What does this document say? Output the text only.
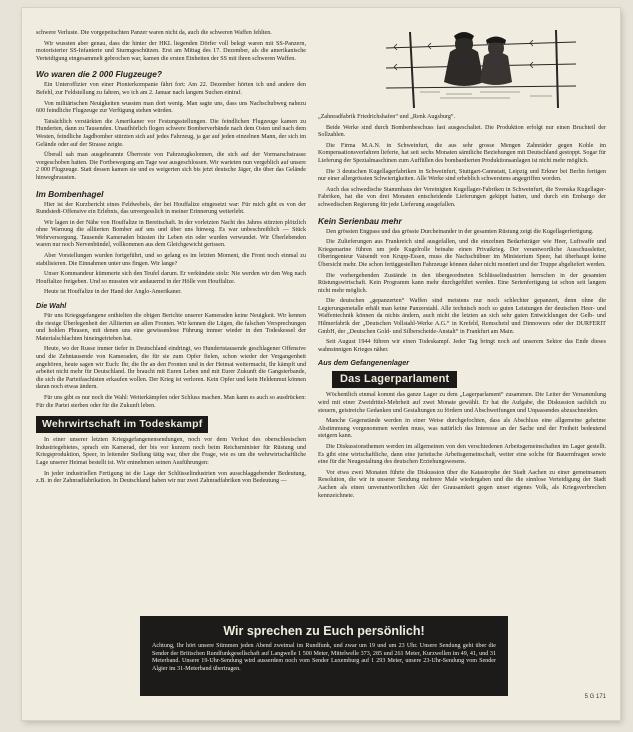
schwere Verluste. Die vorgepeitschten Panzer waren nicht da, auch die schweren Waffen fehlten.

Wir wussten aber genau, dass die hinter der HKL liegenden Dörfer voll belegt waren mit SS-Panzern, motorisierter SS-Infanterie und Sturmgeschützen. Erst am Mittag des 17. Dezember, als die amerikanische Verteidigung eingesammelt gebrochen war, kamen die ersten Einheiten der SS mit ihren schweren Waffen.

Wo waren die 2 000 Flugzeuge?

Ein Unteroffizier von einer Pionierkompanie fährt fort: Am 22. Dezember hörten ich und andere den Befehl, zur Feldstellung zu fahren, wo ich am 2. Januar nach langem Suchen eintraf.

Von militärischen Neuigkeiten wussten man dort wenig. Man sagte uns, dass uns Nachschubweg nahezu 600 feindliche Flugzeuge zur Verfügung stehen würden.

Tatsächlich verstärkten die Amerikaner vor Festungsstellungen. Die feindlichen Flugzeuge kamen zu Hunderten, dann zu Tausenden. Unaufhörlich flogen schwere Bomberverbände nach dem Osten und nach dem Westen, feindliche Jagdbomber stürzten sich auf jedes Fahrzeug, ja gar auf jeden einzelnen Mann, der sich im Gelände oder auf der Strasse zeigte.

Überall sah man ausgebrannte Überreste von Fahrzeugkolonnen, die sich auf der Vormarschstrasse vorgeschoben hatten. Die Fortbewegung am Tage war ausgeschlossen. Wir warteten nun vergeblich auf unsere 2 000 Flugzeuge. Statt dessen kamen sie und es weigerten sich bis jetzt deutsche Jäger, die über das Gelände hinwegbrausten.

Im Bombenhagel

Hier ist der Kurzbericht eines Feldwebels, der bei Houffalize eingesetzt war: Für mich gibt es von der Rundstedt-Offensive ein Erlebnis, das unvergesslich in meiner Erinnerung weiterlebt.

Wir lagen in der Nähe von Houffalize in Bereitschaft. In der vorletzten Nacht des Jahres stürzten plötzlich ohne Warnung die alliierten Bomber auf uns und über uns hinweg. Es war unbeschreiblich — Stück Wehrversorgung. Tausende Kameraden büssten ihr Leben ein oder wurden verwundet. Wir Überlebenden waren nur noch Nervenbündel, vollkommen aus dem Gleichgewicht gerissen.

Aber Vorstellungen wurden fortgeführt, und so gelang es im letzten Moment, die Front noch einmal zu stabilisieren. Die Einnahmen unter uns fingen. Wir lange?

Unser Kommandeur kümmerte sich den Teufel darum. Er verkündete stolz: Nie werden wir den Weg nach Houffalize freigeben. Und so mussten wir andauernd in der Hölle von Houffalize.

Heute ist Houffalize in der Hand der Anglo-Amerikaner.

Die Wahl

Für uns Kriegsgefangene enthielten die obigen Berichte unserer Kameraden keine Neuigkeit. Wir kennen die riesige Überlegenheit der Alliierten an allen Fronten. Wir kennen die Lügen, die falschen Versprechungen und hohlen Phrasen, mit denen uns eine gewissenlose Führung immer wieder in den Todeskessel der Materialschlachten hineingetrieben hat.

Heute, wo der Russe immer tiefer in Deutschland eindringt, wo Hundertstausende geschlagener Offensive und die Zehntausende von Kameraden, die für sie zum Opfer fielen, schon wieder der Vergangenheit angehören, heute sagen wir Euch: Ihr, die Ihr an den Fronten und in der Heimat weitermacht, Ihr kämpft und arbeitet nicht mehr für Deutschland. Ihr braucht mit Euren Leben und mit Eurer Zukunft die Gangsterbande, die sich die Parteifaschisten erkaufen wollen. Der Krieg ist verloren. Kein Opfer und kein Heldenmut können daran noch etwas ändern.

Für uns gibt es nur noch die Wahl: Weiterkämpfen oder Schluss machen. Man kann es auch so ausdrücken: Für die Partei sterben oder für die Zukunft leben.

Wehrwirtschaft im Todeskampf

In einer unserer letzten Kriegsgefangenensendungen, noch vor dem Verlust des oberschlesischen Industriegebietes, sprach ein Kamerad, der bis vor kurzem noch beim Reichsminister für Rüstung und Kriegsproduktion, Speer, in leitender Stellung tätig war, über die Frage, wie es um die wehrwirtschaftliche Lage unserer Heimat bestellt ist. Wir entnehmen seinen Ausführungen:

In jeder industriellen Fertigung ist die Lage der Schlüsselindustrien von ausschlaggebender Bedeutung, z.B. in der Zahnradfabrikation. In Deutschland haben wir nur zwei Zahnradfabriken von Bedeutung —

„Zahnradfabrik Friedrichshafen“ und „Renk Augsburg“.

Beide Werke sind durch Bombenbeschuss fast ausgeschaltet. Die Produktion erfolgt nur einen Bruchteil der Sollzahlen.

Die Firma M.A.N. in Schweinfurt, die aus sehr grosse Mengen Zahnräder gegen Kohle im Kompensationsverfahren lieferte, hat seit sechs Monaten sämtliche Beziehungen mit Deutschland gestoppt. Sogar für Lieferung der Spezialmaschinen zum Auffüllen des bombardierten Produktionsanlagen ist nicht mehr möglich.

Die 3 deutschen Kugellagerfabriken in Schweinfurt, Stuttgart-Cannstatt, Leipzig und Erkner bei Berlin fertigen nur einer allergrössten Schwierigkeiten. Alle Werke sind erheblich schwerstens angegriffen worden.

Auch das schwedische Stammhaus der Vereinigten Kugellager-Fabriken in Schweinfurt, die Svenska Kugellager-Fabriken, hat die von drei Monaten entscheidende Lieferungen gekippt hatten, und durch ein Embargo der schwedischen Regierung für jede Lieferung ausgefallen.

Kein Serienbau mehr

Den grössten Engpass und das grösste Durcheinander in der gesamten Rüstung zeigt die Kugellagerfertigung.

Die Zulieferungen aus Frankreich sind ausgefallen, und die einzelnen Bedarfsträger wie Heer, Luftwaffe und Kriegsmarine führen um jede Kugelrolle beinahe einen Privatkrieg. Der verantwortliche Ausschussleiter, Oberingenieur Vaisendt von Krupp-Essen, muss die Nachschübner im Ministerium Speer, hat überhaupt keine Übersicht mehr. Die schon fertiggestellten Fahrzeuge können daher nicht montiert und der Truppe abgeliefert werden.

Die vorhergehenden Zustände in den übergeordneten Schlüsselindustrien herrschen in der gesamten Rüstungswirtschaft. Kein Programm kann mehr durchgeführt werden. Eine Serienfertigung ist schon seit langem nicht mehr möglich.

Die deutschen „gepanzerten“ Waffen sind meistens nur noch schlechter gepanzert, denn ohne die Legierungsmetalle erhält man keine Panzerstahl. Alle technisch noch so guten Leistungen der deutschen Heer- und Waffentechnik können da nichts ändern, auch nicht die letzten an sich sehr guten Entwicklungen der Gelb- und Hilmerfabrik der „Deutschen Vollstahl-Werke A.G.“ in Krefeld, Remscheid und Dinnowurs oder der DURFERIT GmbH, der „Deutschen Gold- und Silberscheide-Anstalt“ in Frankfurt am Main.

Seit August 1944 führen wir einen Todeskampf. Jeder Tag bringt noch auf unserem Sektor das Ende dieses wahnsinnigen Krieges näher.

Aus dem Gefangenenlager
Das Lagerparlament

Wöchentlich einmal kommt das ganze Lager zu dem „Lagerparlament“ zusammen. Die Leiter der Versammlung wird mit einer Zweidrittel-Mehrheit auf zwei Monate gewählt. Er hat die Aufgabe, die Diskussion sachlich zu steuern, geistreiche Gedanken und Gestaltungen zu fördern und Abschweifungen und Unpassendes abzuschneiden.

Manche Gegenstände werden in einer Weise durchgefochten, dass als Abschluss eine allgemeine geheime Abstimmung vorgenommen werden muss, was natürlich das Interesse an der Sache und der Freiheit bedeutend steigern kann.

Die Diskussionsthemen werden im allgemeinen von den verschiedenen Arbeitsgemeinschaften im Lager gestellt. Es gibt eine wirtschaftliche, dann eine juristische Arbeitsgemeinschaft, weiter eine solche für Bauernfragen sowie eine für die Neugestaltung des deutschen Erziehungswesens.

Vor etwa zwei Monaten führte die Diskussion über die Katastrophe der Stadt Aachen zu einer gemeinsamen Resolution, die wir in unserer Sendung mehrere Male wiedergaben und die die sinnlose Verteidigung der Stadt Aachen als einen unverantwortlichen Akt der Grausamkeit gegen unser eigenes Volk, als Kriegsverbrechen kennzeichnete.

Wir sprechen zu Euch persönlich!
Achtung, Ihr hört unsere Stimmen jeden Abend zweimal im Rundfunk, und zwar um 19 und um 23 Uhr. Unsere Sendung geht über die Sender der Britischen Rundfunkgesellschaft auf Langwelle 1 500 Meter, Mittelwelle 373, 285 und 261 Meter, Kurzwellen im 49, 41, und 31 Meterband. Unsere 19-Uhr-Sendung wird ausserdem noch vom Sender Luxemburg auf 1 293 Meter, unsere 23-Uhr-Sendung vom Sender Algier im 31-Meterband übertragen.
5 G 171
